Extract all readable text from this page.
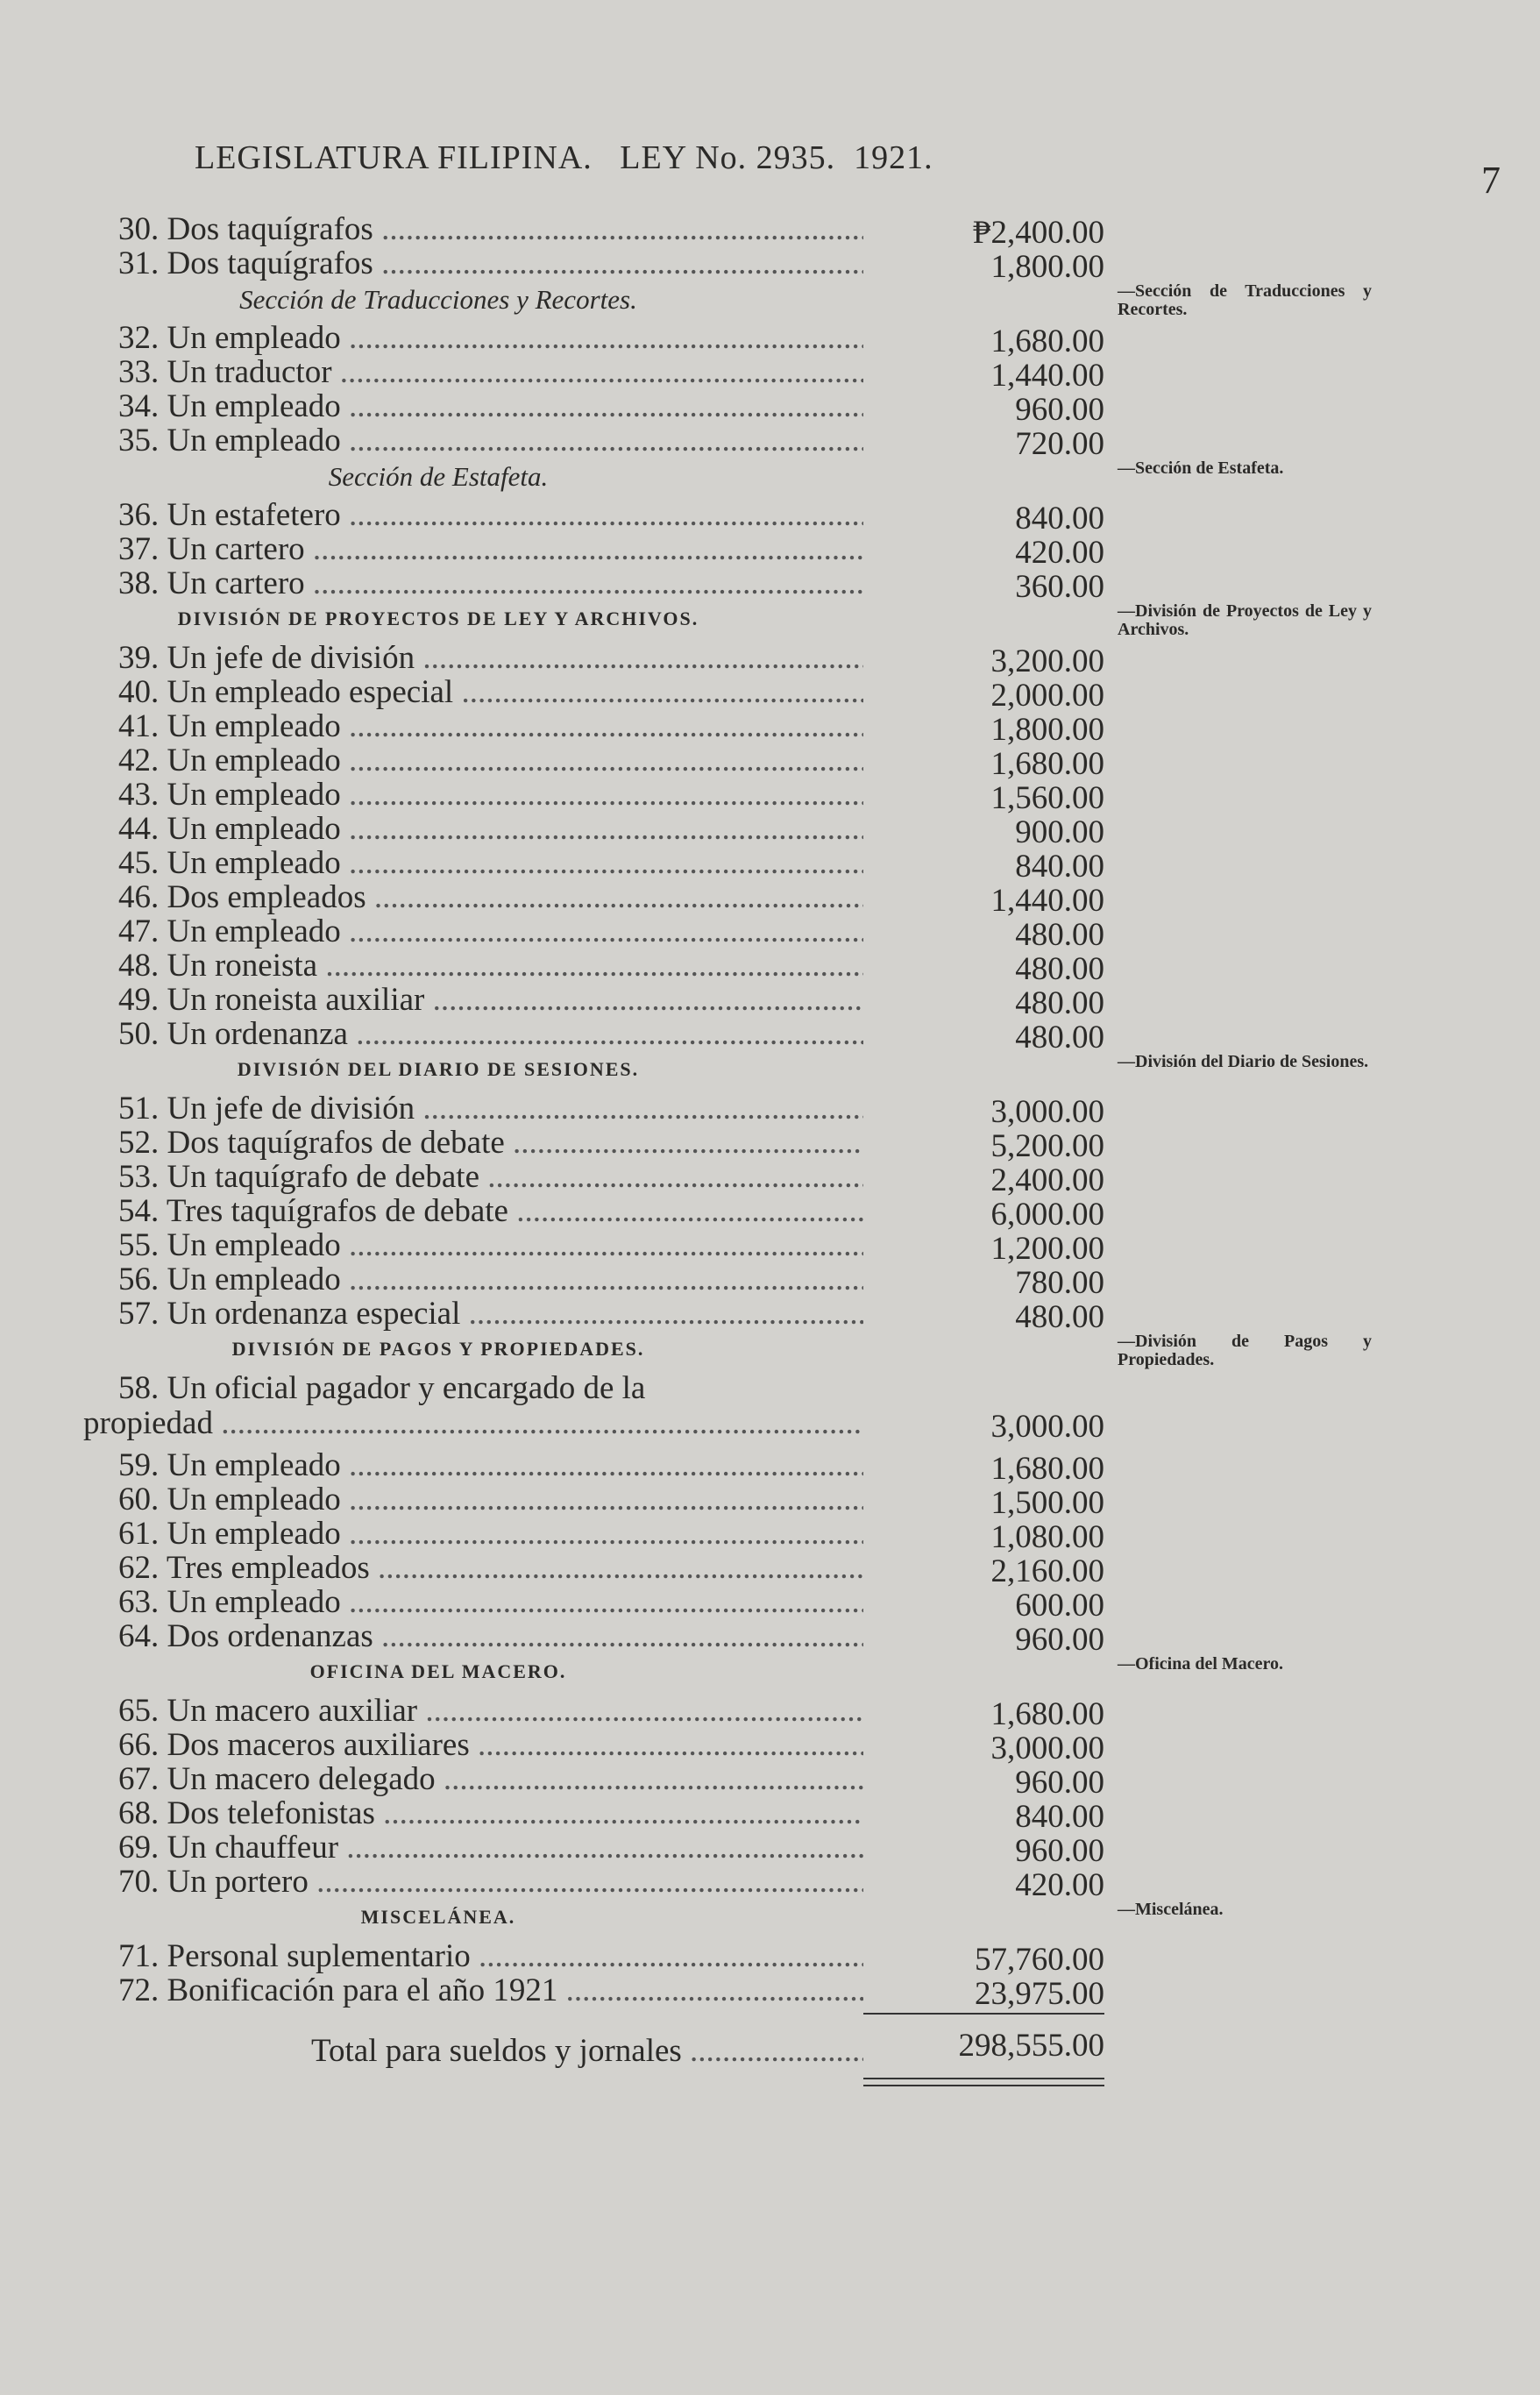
LEGISLATURA FILIPINA.   LEY No. 2935.  1921.
7
30. Dos taquígrafos .....	₱2,400.00
31. Dos taquígrafos .....	1,800.00
Sección de Traducciones y Recortes.	—Sección de Traducciones y Recortes.
32. Un empleado .....	1,680.00
33. Un traductor .....	1,440.00
34. Un empleado .....	960.00
35. Un empleado .....	720.00
Sección de Estafeta.	—Sección de Estafeta.
36. Un estafetero .....	840.00
37. Un cartero .....	420.00
38. Un cartero .....	360.00
DIVISIÓN DE PROYECTOS DE LEY Y ARCHIVOS.	—División de Proyectos de Ley y Archivos.
39. Un jefe de división .....	3,200.00
40. Un empleado especial .....	2,000.00
41. Un empleado .....	1,800.00
42. Un empleado .....	1,680.00
43. Un empleado .....	1,560.00
44. Un empleado .....	900.00
45. Un empleado .....	840.00
46. Dos empleados .....	1,440.00
47. Un empleado .....	480.00
48. Un roneista .....	480.00
49. Un roneista auxiliar .....	480.00
50. Un ordenanza .....	480.00
DIVISIÓN DEL DIARIO DE SESIONES.	—División del Diario de Sesiones.
51. Un jefe de división .....	3,000.00
52. Dos taquígrafos de debate .....	5,200.00
53. Un taquígrafo de debate .....	2,400.00
54. Tres taquígrafos de debate .....	6,000.00
55. Un empleado .....	1,200.00
56. Un empleado .....	780.00
57. Un ordenanza especial .....	480.00
DIVISIÓN DE PAGOS Y PROPIEDADES.	—División de Pagos y Propiedades.
58. Un oficial pagador y encargado de la
propiedad .....	3,000.00
59. Un empleado .....	1,680.00
60. Un empleado .....	1,500.00
61. Un empleado .....	1,080.00
62. Tres empleados .....	2,160.00
63. Un empleado .....	600.00
64. Dos ordenanzas .....	960.00
OFICINA DEL MACERO.	—Oficina del Macero.
65. Un macero auxiliar .....	1,680.00
66. Dos maceros auxiliares .....	3,000.00
67. Un macero delegado .....	960.00
68. Dos telefonistas .....	840.00
69. Un chauffeur .....	960.00
70. Un portero .....	420.00
MISCELÁNEA.	—Miscelánea.
71. Personal suplementario .....	57,760.00
72. Bonificación para el año 1921 .....	23,975.00
Total para sueldos y jornales .....	298,555.00
